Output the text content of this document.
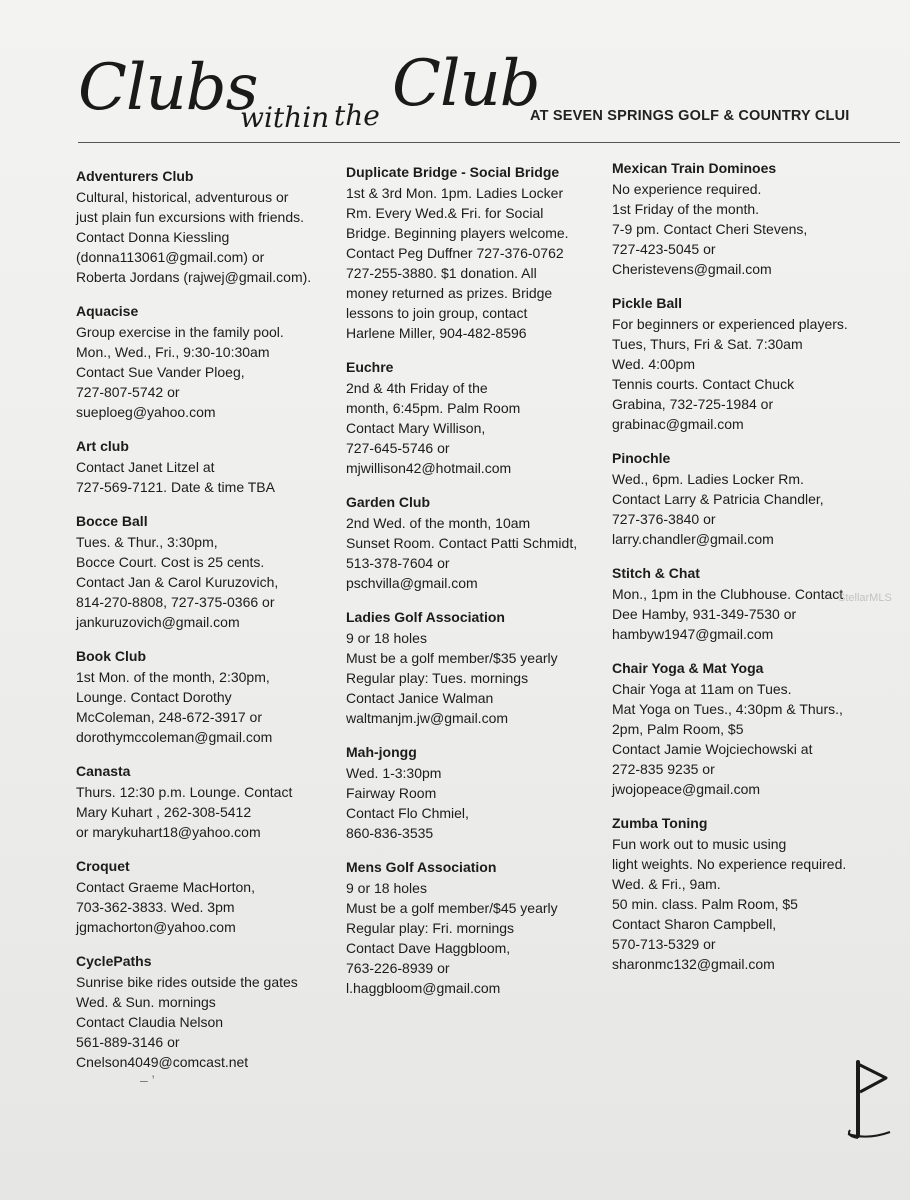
Clubs
within the Club
AT SEVEN SPRINGS GOLF & COUNTRY CLUI
Adventurers Club
Cultural, historical, adventurous or
just plain fun excursions with friends.
Contact Donna Kiessling
(donna113061@gmail.com) or
Roberta Jordans (rajwej@gmail.com).
Aquacise
Group exercise in the family pool.
Mon., Wed., Fri., 9:30-10:30am
Contact Sue Vander Ploeg,
727-807-5742 or
sueploeg@yahoo.com
Art club
Contact Janet Litzel at
727-569-7121. Date & time TBA
Bocce Ball
Tues. & Thur., 3:30pm,
Bocce Court. Cost is 25 cents.
Contact Jan & Carol Kuruzovich,
814-270-8808, 727-375-0366 or
jankuruzovich@gmail.com
Book Club
1st Mon. of the month, 2:30pm,
Lounge. Contact Dorothy
McColeman, 248-672-3917 or
dorothymccoleman@gmail.com
Canasta
Thurs. 12:30 p.m. Lounge. Contact
Mary Kuhart , 262-308-5412
or marykuhart18@yahoo.com
Croquet
Contact Graeme MacHorton,
703-362-3833. Wed. 3pm
jgmachorton@yahoo.com
CyclePaths
Sunrise bike rides outside the gates
Wed. & Sun. mornings
Contact Claudia Nelson
561-889-3146 or
Cnelson4049@comcast.net
Duplicate Bridge - Social Bridge
1st & 3rd Mon. 1pm. Ladies Locker
Rm. Every Wed.& Fri. for Social
Bridge. Beginning players welcome.
Contact Peg Duffner 727-376-0762
727-255-3880. $1 donation. All
money returned as prizes. Bridge
lessons to join group, contact
Harlene Miller, 904-482-8596
Euchre
2nd & 4th Friday of the
month, 6:45pm. Palm Room
Contact Mary Willison,
727-645-5746 or
mjwillison42@hotmail.com
Garden Club
2nd Wed. of the month, 10am
Sunset Room. Contact Patti Schmidt,
513-378-7604 or
pschvilla@gmail.com
Ladies Golf Association
9 or 18 holes
Must be a golf member/$35 yearly
Regular play: Tues. mornings
Contact Janice Walman
waltmanjm.jw@gmail.com
Mah-jongg
Wed. 1-3:30pm
Fairway Room
Contact Flo Chmiel,
860-836-3535
Mens Golf Association
9 or 18 holes
Must be a golf member/$45 yearly
Regular play: Fri. mornings
Contact Dave Haggbloom,
763-226-8939 or
l.haggbloom@gmail.com
Mexican Train Dominoes
No experience required.
1st Friday of the month.
7-9 pm. Contact Cheri Stevens,
727-423-5045 or
Cheristevens@gmail.com
Pickle Ball
For beginners or experienced players.
Tues, Thurs, Fri & Sat. 7:30am
Wed. 4:00pm
Tennis courts. Contact Chuck
Grabina, 732-725-1984 or
grabinac@gmail.com
Pinochle
Wed., 6pm. Ladies Locker Rm.
Contact Larry & Patricia Chandler,
727-376-3840 or
larry.chandler@gmail.com
Stitch & Chat
Mon., 1pm in the Clubhouse. Contact
Dee Hamby, 931-349-7530 or
hambyw1947@gmail.com
Chair Yoga & Mat Yoga
Chair Yoga at 11am on Tues.
Mat Yoga on Tues., 4:30pm & Thurs.,
2pm, Palm Room, $5
Contact Jamie Wojciechowski at
272-835 9235 or
jwojopeace@gmail.com
Zumba Toning
Fun work out to music using
light weights. No experience required.
Wed. & Fri., 9am.
50 min. class. Palm Room, $5
Contact Sharon Campbell,
570-713-5329 or
sharonmc132@gmail.com
StellarMLS
– ’
